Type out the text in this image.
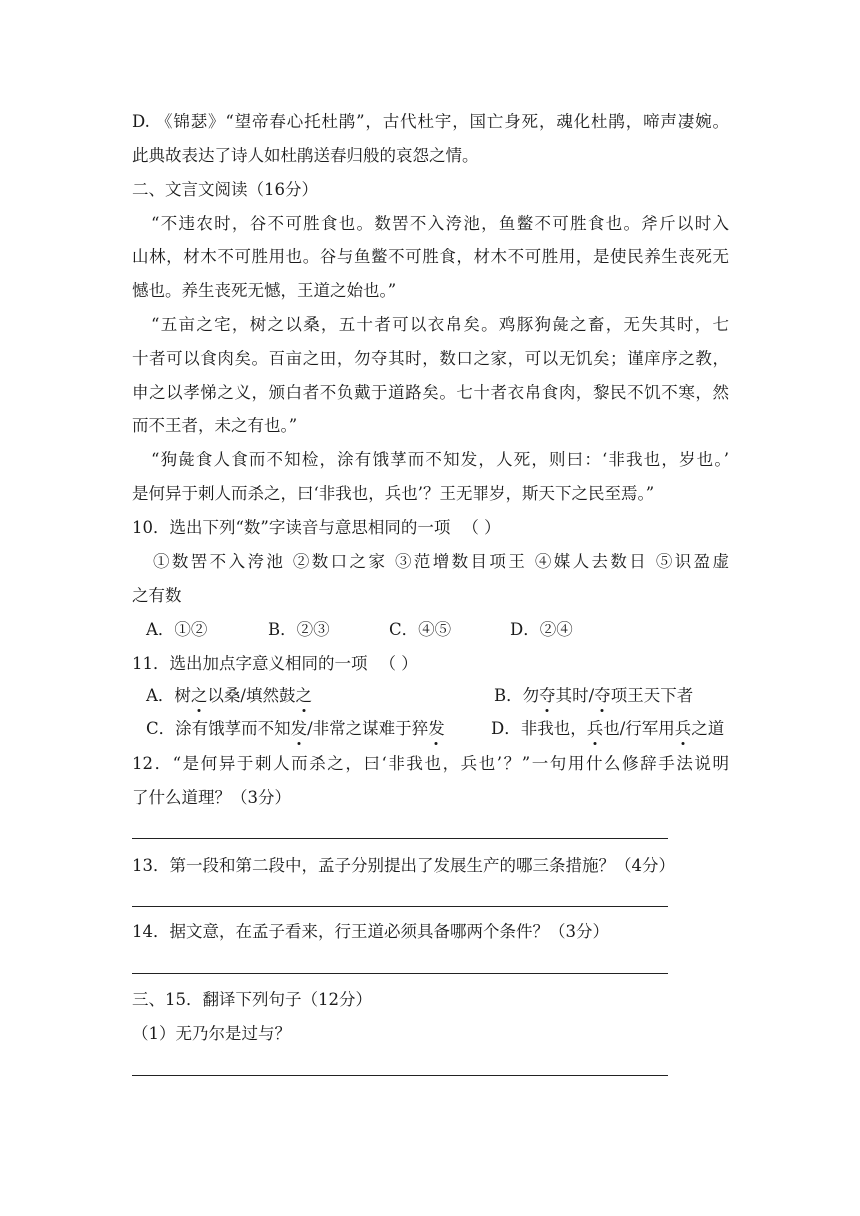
D. 《锦瑟》“望帝春心托杜鹃”，古代杜宇，国亡身死，魂化杜鹃，啼声凄婉。
此典故表达了诗人如杜鹃送春归般的哀怨之情。
二、文言文阅读（16分）
“不违农时，谷不可胜食也。数罟不入洿池，鱼鳖不可胜食也。斧斤以时入
山林，材木不可胜用也。谷与鱼鳖不可胜食，材木不可胜用，是使民养生丧死无
憾也。养生丧死无憾，王道之始也。”
“五亩之宅，树之以桑，五十者可以衣帛矣。鸡豚狗彘之畜，无失其时，七
十者可以食肉矣。百亩之田，勿夺其时，数口之家，可以无饥矣；谨庠序之教，
申之以孝悌之义，颁白者不负戴于道路矣。七十者衣帛食肉，黎民不饥不寒，然
而不王者，未之有也。”
“狗彘食人食而不知检，涂有饿莩而不知发，人死，则曰：‘非我也，岁也。’
是何异于刺人而杀之，曰‘非我也，兵也’？王无罪岁，斯天下之民至焉。”
10．选出下列“数”字读音与意思相同的一项 （ ）
①数罟不入洿池 ②数口之家 ③范增数目项王 ④媒人去数日 ⑤识盈虚
之有数
A．①②	B．②③	C．④⑤	D．②④
11．选出加点字意义相同的一项 （ ）
A．树之以桑/填然鼓之	B．勿夺其时/夺项王天下者
C．涂有饿莩而不知发/非常之谋难于猝发	D．非我也，兵也/行军用兵之道
12．“是何异于刺人而杀之，曰‘非我也，兵也’？”一句用什么修辞手法说明
了什么道理？（3分）
13．第一段和第二段中，孟子分别提出了发展生产的哪三条措施？（4分）
14．据文意，在孟子看来，行王道必须具备哪两个条件？（3分）
三、15．翻译下列句子（12分）
（1）无乃尔是过与？
